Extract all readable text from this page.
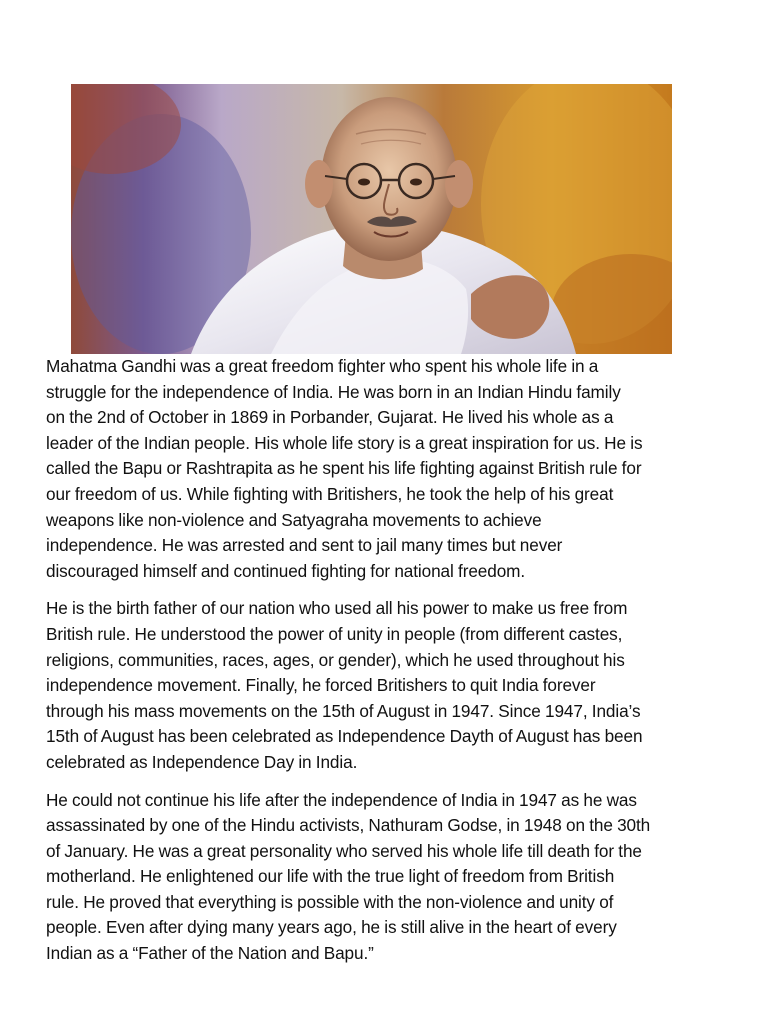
Mahatma Gandhi was a great freedom fighter who spent his whole life in a
struggle for the independence of India. He was born in an Indian Hindu family
on the 2nd of October in 1869 in Porbander, Gujarat. He lived his whole as a
leader of the Indian people. His whole life story is a great inspiration for us. He is
called the Bapu or Rashtrapita as he spent his life fighting against British rule for
our freedom of us. While fighting with Britishers, he took the help of his great
weapons like non-violence and Satyagraha movements to achieve
independence. He was arrested and sent to jail many times but never
discouraged himself and continued fighting for national freedom.

He is the birth father of our nation who used all his power to make us free from
British rule. He understood the power of unity in people (from different castes,
religions, communities, races, ages, or gender), which he used throughout his
independence movement. Finally, he forced Britishers to quit India forever
through his mass movements on the 15th of August in 1947. Since 1947, India’s
15th of August has been celebrated as Independence Dayth of August has been
celebrated as Independence Day in India.

He could not continue his life after the independence of India in 1947 as he was
assassinated by one of the Hindu activists, Nathuram Godse, in 1948 on the 30th
of January. He was a great personality who served his whole life till death for the
motherland. He enlightened our life with the true light of freedom from British
rule. He proved that everything is possible with the non-violence and unity of
people. Even after dying many years ago, he is still alive in the heart of every
Indian as a “Father of the Nation and Bapu.”
